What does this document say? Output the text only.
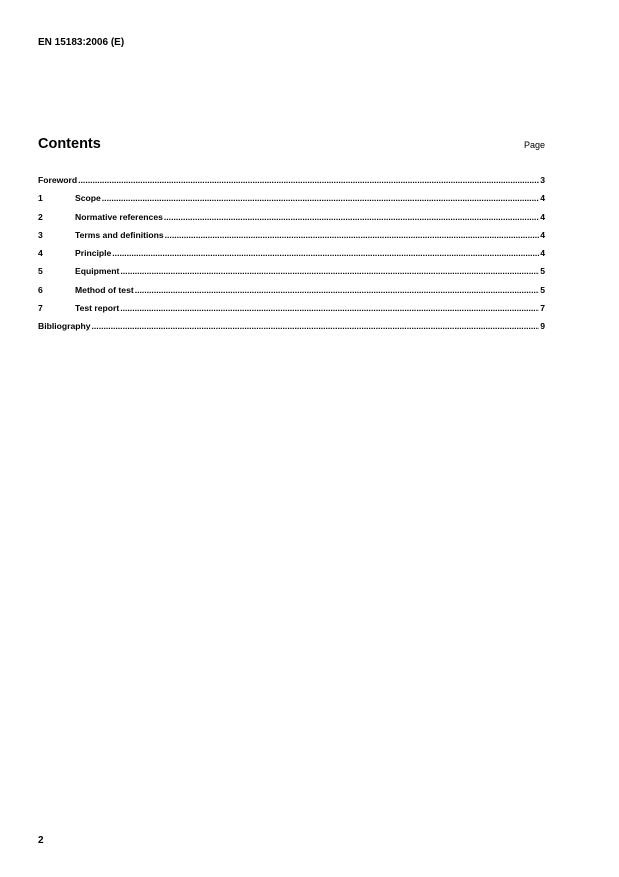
EN 15183:2006 (E)
Contents	Page
Foreword .....	3
1	Scope .....	4
2	Normative references .....	4
3	Terms and definitions .....	4
4	Principle .....	4
5	Equipment .....	5
6	Method of test .....	5
7	Test report .....	7
Bibliography .....	9
2
